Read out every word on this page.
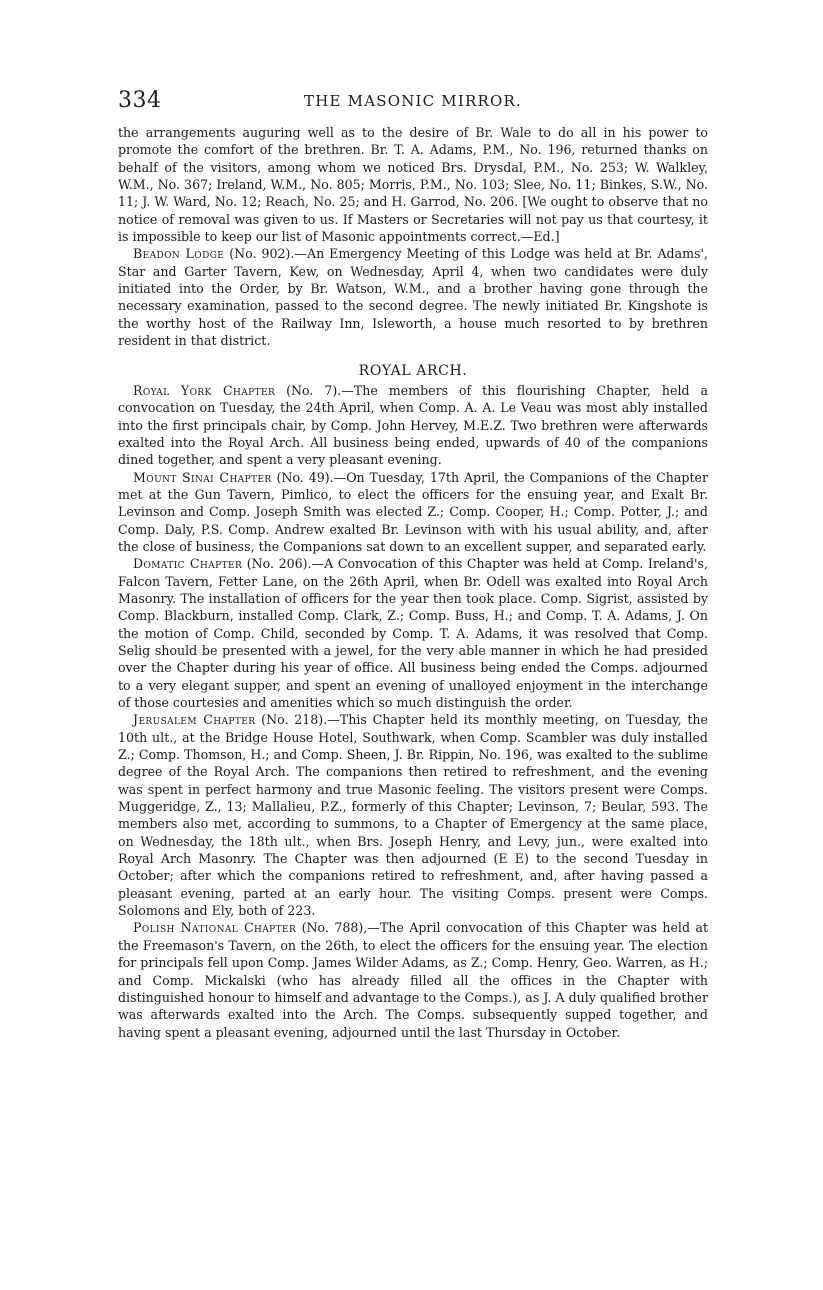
334	THE MASONIC MIRROR.

the arrangements auguring well as to the desire of Br. Wale to do all in his power to promote the comfort of the brethren. Br. T. A. Adams, P.M., No. 196, returned thanks on behalf of the visitors, among whom we noticed Brs. Drysdal, P.M., No. 253; W. Walkley, W.M., No. 367; Ireland, W.M., No. 805; Morris, P.M., No. 103; Slee, No. 11; Binkes, S.W., No. 11; J. W. Ward, No. 12; Reach, No. 25; and H. Garrod, No. 206. [We ought to observe that no notice of removal was given to us. If Masters or Secretaries will not pay us that courtesy, it is impossible to keep our list of Masonic appointments correct.—Ed.]

Beadon Lodge (No. 902).—An Emergency Meeting of this Lodge was held at Br. Adams', Star and Garter Tavern, Kew, on Wednesday, April 4, when two candidates were duly initiated into the Order, by Br. Watson, W.M., and a brother having gone through the necessary examination, passed to the second degree. The newly initiated Br. Kingshote is the worthy host of the Railway Inn, Isleworth, a house much resorted to by brethren resident in that district.

ROYAL ARCH.

Royal York Chapter (No. 7).—The members of this flourishing Chapter, held a convocation on Tuesday, the 24th April, when Comp. A. A. Le Veau was most ably installed into the first principals chair, by Comp. John Hervey, M.E.Z. Two brethren were afterwards exalted into the Royal Arch. All business being ended, upwards of 40 of the companions dined together, and spent a very pleasant evening.

Mount Sinai Chapter (No. 49).—On Tuesday, 17th April, the Companions of the Chapter met at the Gun Tavern, Pimlico, to elect the officers for the ensuing year, and Exalt Br. Levinson and Comp. Joseph Smith was elected Z.; Comp. Cooper, H.; Comp. Potter, J.; and Comp. Daly, P.S. Comp. Andrew exalted Br. Levinson with with his usual ability, and, after the close of business, the Companions sat down to an excellent supper, and separated early.

Domatic Chapter (No. 206).—A Convocation of this Chapter was held at Comp. Ireland's, Falcon Tavern, Fetter Lane, on the 26th April, when Br. Odell was exalted into Royal Arch Masonry. The installation of officers for the year then took place. Comp. Sigrist, assisted by Comp. Blackburn, installed Comp. Clark, Z.; Comp. Buss, H.; and Comp. T. A. Adams, J. On the motion of Comp. Child, seconded by Comp. T. A. Adams, it was resolved that Comp. Selig should be presented with a jewel, for the very able manner in which he had presided over the Chapter during his year of office. All business being ended the Comps. adjourned to a very elegant supper, and spent an evening of unalloyed enjoyment in the interchange of those courtesies and amenities which so much distinguish the order.

Jerusalem Chapter (No. 218).—This Chapter held its monthly meeting, on Tuesday, the 10th ult., at the Bridge House Hotel, Southwark, when Comp. Scambler was duly installed Z.; Comp. Thomson, H.; and Comp. Sheen, J. Br. Rippin, No. 196, was exalted to the sublime degree of the Royal Arch. The companions then retired to refreshment, and the evening was spent in perfect harmony and true Masonic feeling. The visitors present were Comps. Muggeridge, Z., 13; Mallalieu, P.Z., formerly of this Chapter; Levinson, 7; Beular, 593. The members also met, according to summons, to a Chapter of Emergency at the same place, on Wednesday, the 18th ult., when Brs. Joseph Henry, and Levy, jun., were exalted into Royal Arch Masonry. The Chapter was then adjourned (E E) to the second Tuesday in October; after which the companions retired to refreshment, and, after having passed a pleasant evening, parted at an early hour. The visiting Comps. present were Comps. Solomons and Ely, both of 223.

Polish National Chapter (No. 788),—The April convocation of this Chapter was held at the Freemason's Tavern, on the 26th, to elect the officers for the ensuing year. The election for principals fell upon Comp. James Wilder Adams, as Z.; Comp. Henry, Geo. Warren, as H.; and Comp. Mickalski (who has already filled all the offices in the Chapter with distinguished honour to himself and advantage to the Comps.), as J. A duly qualified brother was afterwards exalted into the Arch. The Comps. subsequently supped together, and having spent a pleasant evening, adjourned until the last Thursday in October.
